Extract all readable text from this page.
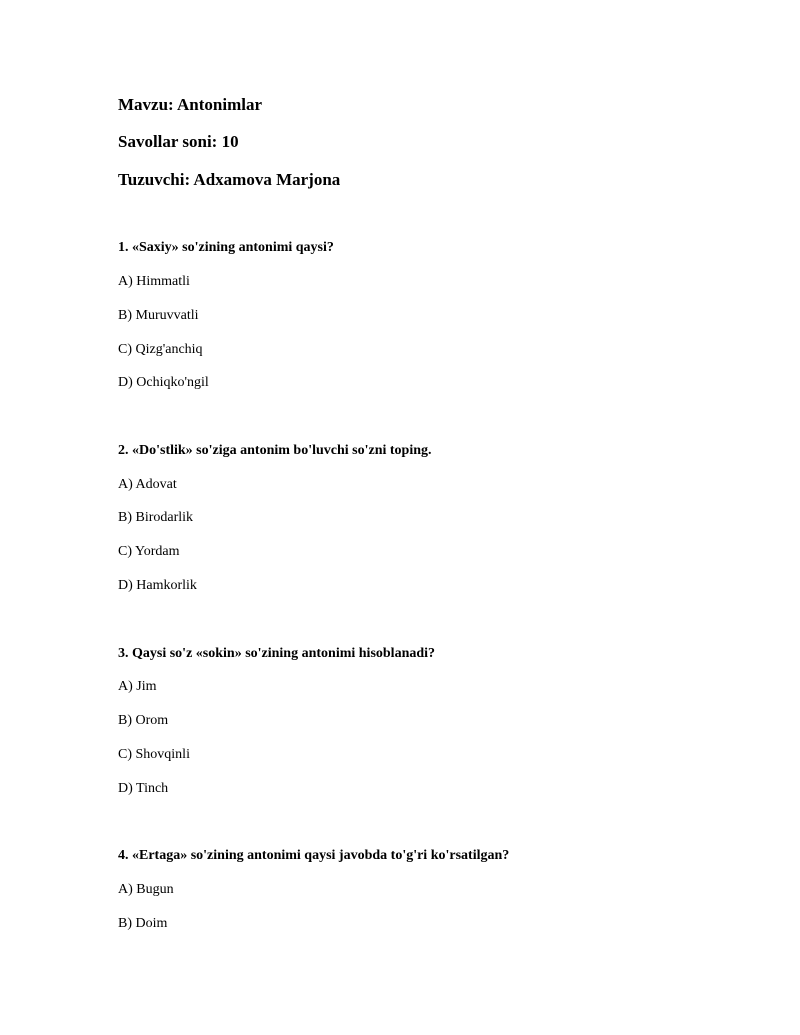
Mavzu: Antonimlar
Savollar soni: 10
Tuzuvchi: Adxamova Marjona
1. «Saxiy» so'zining antonimi qaysi?
A) Himmatli
B) Muruvvatli
C) Qizg'anchiq
D) Ochiqko'ngil
2. «Do'stlik» so'ziga antonim bo'luvchi so'zni toping.
A) Adovat
B) Birodarlik
C) Yordam
D) Hamkorlik
3. Qaysi so'z «sokin» so'zining antonimi hisoblanadi?
A) Jim
B) Orom
C) Shovqinli
D) Tinch
4. «Ertaga» so'zining antonimi qaysi javobda to'g'ri ko'rsatilgan?
A) Bugun
B) Doim
